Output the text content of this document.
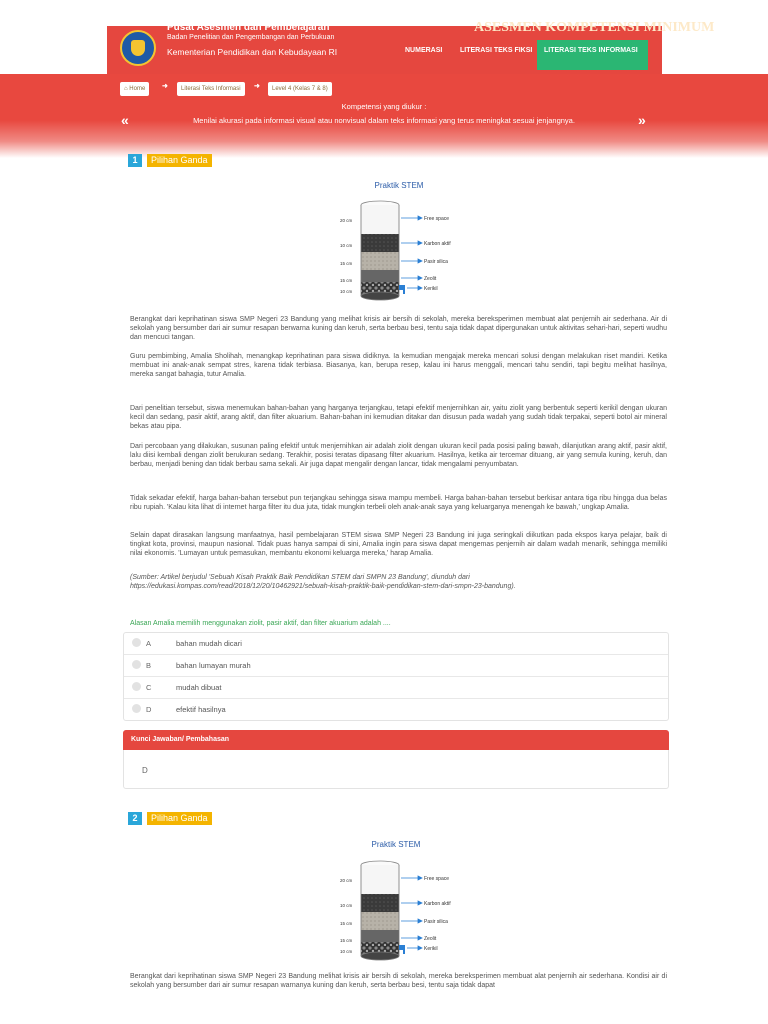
Pusat Asesmen dan Pembelajaran
Badan Penelitian dan Pengembangan dan Perbukuan
Kementerian Pendidikan dan Kebudayaan RI
ASESMEN KOMPETENSI MINIMUM
NUMERASI	LITERASI TEKS FIKSI	LITERASI TEKS INFORMASI
⌂ Home	➜	Literasi Teks Informasi	➜	Level 4 (Kelas 7 & 8)
Kompetensi yang diukur :
Menilai akurasi pada informasi visual atau nonvisual dalam teks informasi yang terus meningkat sesuai jenjangnya.
«	»
1	Pilihan Ganda
Praktik STEM
20 cm
10 cm
15 cm
15 cm
10 cm
Free space
Karbon aktif
Pasir silica
Zeolit
Kerikil

Berangkat dari keprihatinan siswa SMP Negeri 23 Bandung yang melihat krisis air bersih di sekolah, mereka bereksperimen membuat alat penjernih air sederhana. Air di sekolah yang bersumber dari air sumur resapan berwarna kuning dan keruh, serta berbau besi, tentu saja tidak dapat dipergunakan untuk aktivitas sehari-hari, seperti wudhu dan mencuci tangan.

Guru pembimbing, Amalia Sholihah, menangkap keprihatinan para siswa didiknya. Ia kemudian mengajak mereka mencari solusi dengan melakukan riset mandiri. Ketika membuat ini anak-anak sempat stres, karena tidak terbiasa. Biasanya, kan, berupa resep, kalau ini harus menggali, mencari tahu sendiri, tapi begitu melihat hasilnya, mereka sangat bahagia, tutur Amalia.

Dari penelitian tersebut, siswa menemukan bahan-bahan yang harganya terjangkau, tetapi efektif menjernihkan air, yaitu ziolit yang berbentuk seperti kerikil dengan ukuran kecil dan sedang, pasir aktif, arang aktif, dan filter akuarium. Bahan-bahan ini kemudian ditakar dan disusun pada wadah yang sudah tidak terpakai, seperti botol air mineral bekas atau pipa.

Dari percobaan yang dilakukan, susunan paling efektif untuk menjernihkan air adalah ziolit dengan ukuran kecil pada posisi paling bawah, dilanjutkan arang aktif, pasir aktif, lalu diisi kembali dengan ziolit berukuran sedang. Terakhir, posisi teratas dipasang filter akuarium. Hasilnya, ketika air tercemar dituang, air yang semula kuning, keruh, dan berbau, menjadi bening dan tidak berbau sama sekali. Air juga dapat mengalir dengan lancar, tidak mengalami penyumbatan.

Tidak sekadar efektif, harga bahan-bahan tersebut pun terjangkau sehingga siswa mampu membeli. Harga bahan-bahan tersebut berkisar antara tiga ribu hingga dua belas ribu rupiah. 'Kalau kita lihat di internet harga filter itu dua juta, tidak mungkin terbeli oleh anak-anak saya yang keluarganya menengah ke bawah,' ungkap Amalia.

Selain dapat dirasakan langsung manfaatnya, hasil pembelajaran STEM siswa SMP Negeri 23 Bandung ini juga seringkali diikutkan pada ekspos karya pelajar, baik di tingkat kota, provinsi, maupun nasional. Tidak puas hanya sampai di sini, Amalia ingin para siswa dapat mengemas penjernih air dalam wadah menarik, sehingga memiliki nilai ekonomis. 'Lumayan untuk pemasukan, membantu ekonomi keluarga mereka,' harap Amalia.

(Sumber: Artikel berjudul 'Sebuah Kisah Praktik Baik Pendidikan STEM dari SMPN 23 Bandung', diunduh dari https://edukasi.kompas.com/read/2018/12/20/10462921/sebuah-kisah-praktik-baik-pendidikan-stem-dari-smpn-23-bandung).

Alasan Amalia memilih menggunakan ziolit, pasir aktif, dan filter akuarium adalah ....
A	bahan mudah dicari
B	bahan lumayan murah
C	mudah dibuat
D	efektif hasilnya
Kunci Jawaban/ Pembahasan
D
2	Pilihan Ganda
Praktik STEM
20 cm
10 cm
15 cm
15 cm
10 cm
Free space
Karbon aktif
Pasir silica
Zeolit
Kerikil

Berangkat dari keprihatinan siswa SMP Negeri 23 Bandung melihat krisis air bersih di sekolah, mereka bereksperimen membuat alat penjernih air sederhana. Kondisi air di sekolah yang bersumber dari air sumur resapan warnanya kuning dan keruh, serta berbau besi, tentu saja tidak dapat
